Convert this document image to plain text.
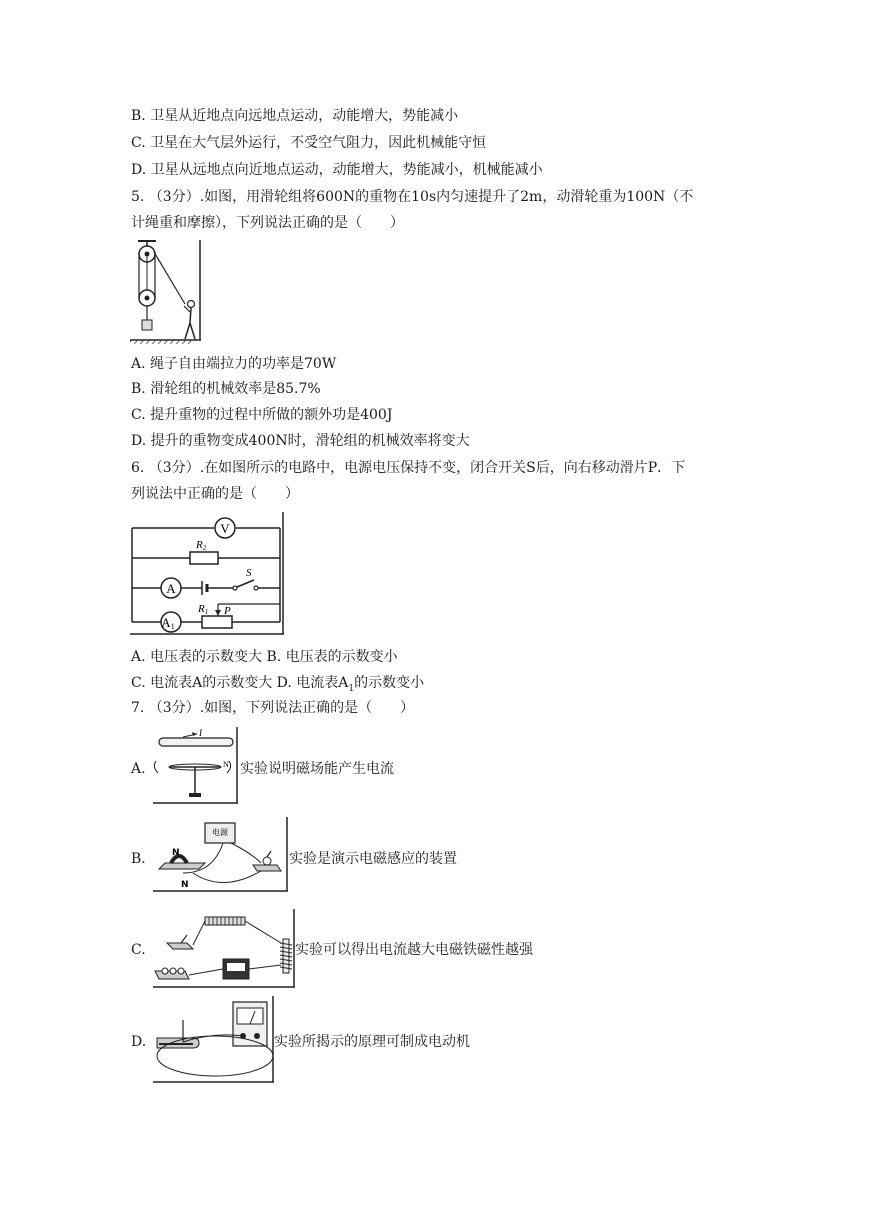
B. 卫星从近地点向远地点运动，动能增大，势能减小
C. 卫星在大气层外运行，不受空气阻力，因此机械能守恒
D. 卫星从远地点向近地点运动，动能增大，势能减小，机械能减小
5. （3分）.如图，用滑轮组将600N的重物在10s内匀速提升了2m，动滑轮重为100N（不
计绳重和摩擦），下列说法正确的是（　　）
A. 绳子自由端拉力的功率是70W
B. 滑轮组的机械效率是85.7%
C. 提升重物的过程中所做的额外功是400J
D. 提升的重物变成400N时，滑轮组的机械效率将变大
6. （3分）.在如图所示的电路中，电源电压保持不变，闭合开关S后，向右移动滑片P．下
列说法中正确的是（　　）
V
R2
A
S
A1
R1 P
A. 电压表的示数变大 B. 电压表的示数变小
C. 电流表A的示数变大 D. 电流表$A_1$的示数变小
7. （3分）.如图，下列说法正确的是（　　）
A.
I
N 实验说明磁场能产生电流
B.
电源
N
N
实验是演示电磁感应的装置
C.	实验可以得出电流越大电磁铁磁性越强
D.	实验所揭示的原理可制成电动机
